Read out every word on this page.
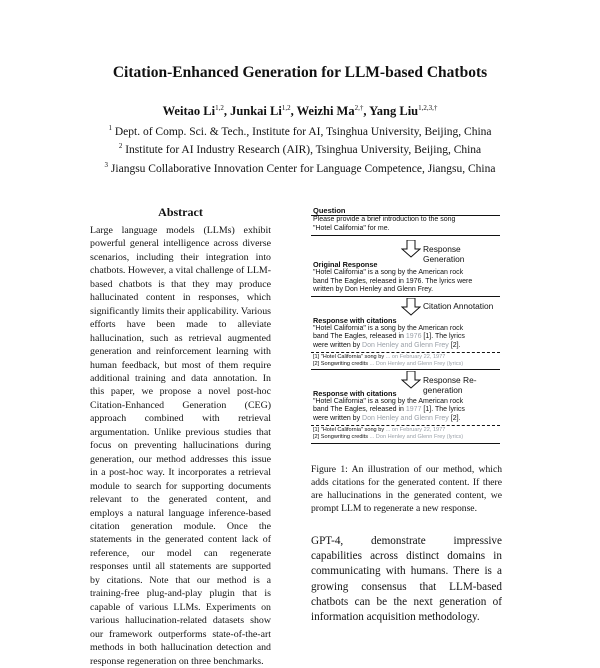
Citation-Enhanced Generation for LLM-based Chatbots
Weitao Li$^{1,2}$, Junkai Li$^{1,2}$, Weizhi $Ma^{2,\dagger}$, Yang Liu$^{1,2,3,\dagger}$
$^1$ Dept. of Comp. Sci. & Tech., Institute for AI, Tsinghua University, Beijing, China
$^2$ Institute for AI Industry Research (AIR), Tsinghua University, Beijing, China
$^3$ Jiangsu Collaborative Innovation Center for Language Competence, Jiangsu, China
Abstract
Large language models (LLMs) exhibit powerful general intelligence across diverse scenarios, including their integration into chatbots. However, a vital challenge of LLM-based chatbots is that they may produce hallucinated content in responses, which significantly limits their applicability. Various efforts have been made to alleviate hallucination, such as retrieval augmented generation and reinforcement learning with human feedback, but most of them require additional training and data annotation. In this paper, we propose a novel post-hoc Citation-Enhanced Generation (CEG) approach combined with retrieval argumentation. Unlike previous studies that focus on preventing hallucinations during generation, our method addresses this issue in a post-hoc way. It incorporates a retrieval module to search for supporting documents relevant to the generated content, and employs a natural language inference-based citation generation module. Once the statements in the generated content lack of reference, our model can regenerate responses until all statements are supported by citations. Note that our method is a training-free plug-and-play plugin that is capable of various LLMs. Experiments on various hallucination-related datasets show our framework outperforms state-of-the-art methods in both hallucination detection and response regeneration on three benchmarks.
Question
Please provide a brief introduction to the song
"Hotel California" for me.
Response Generation
Original Response
"Hotel California" is a song by the American rock
band The Eagles, released in 1976. The lyrics were
written by Don Henley and Glenn Frey.
Citation Annotation
Response with citations
"Hotel California" is a song by the American rock
band The Eagles, released in 1976 [1]. The lyrics
were written by Don Henley and Glenn Frey [2].
[1] "Hotel California" song by ... on February 22, 1977
[2] Songwriting credits ... Don Henley and Glenn Frey (lyrics)
Response Re-generation
Response with citations
"Hotel California" is a song by the American rock
band The Eagles, released in 1977 [1]. The lyrics
were written by Don Henley and Glenn Frey [2].
[1] "Hotel California" song by ... on February 22, 1977
[2] Songwriting credits ... Don Henley and Glenn Frey (lyrics)
Figure 1: An illustration of our method, which adds citations for the generated content. If there are hallucinations in the generated content, we prompt LLM to regenerate a new response.
GPT-4, demonstrate impressive capabilities across distinct domains in communicating with humans. There is a growing consensus that LLM-based chatbots can be the next generation of information acquisition methodology.
